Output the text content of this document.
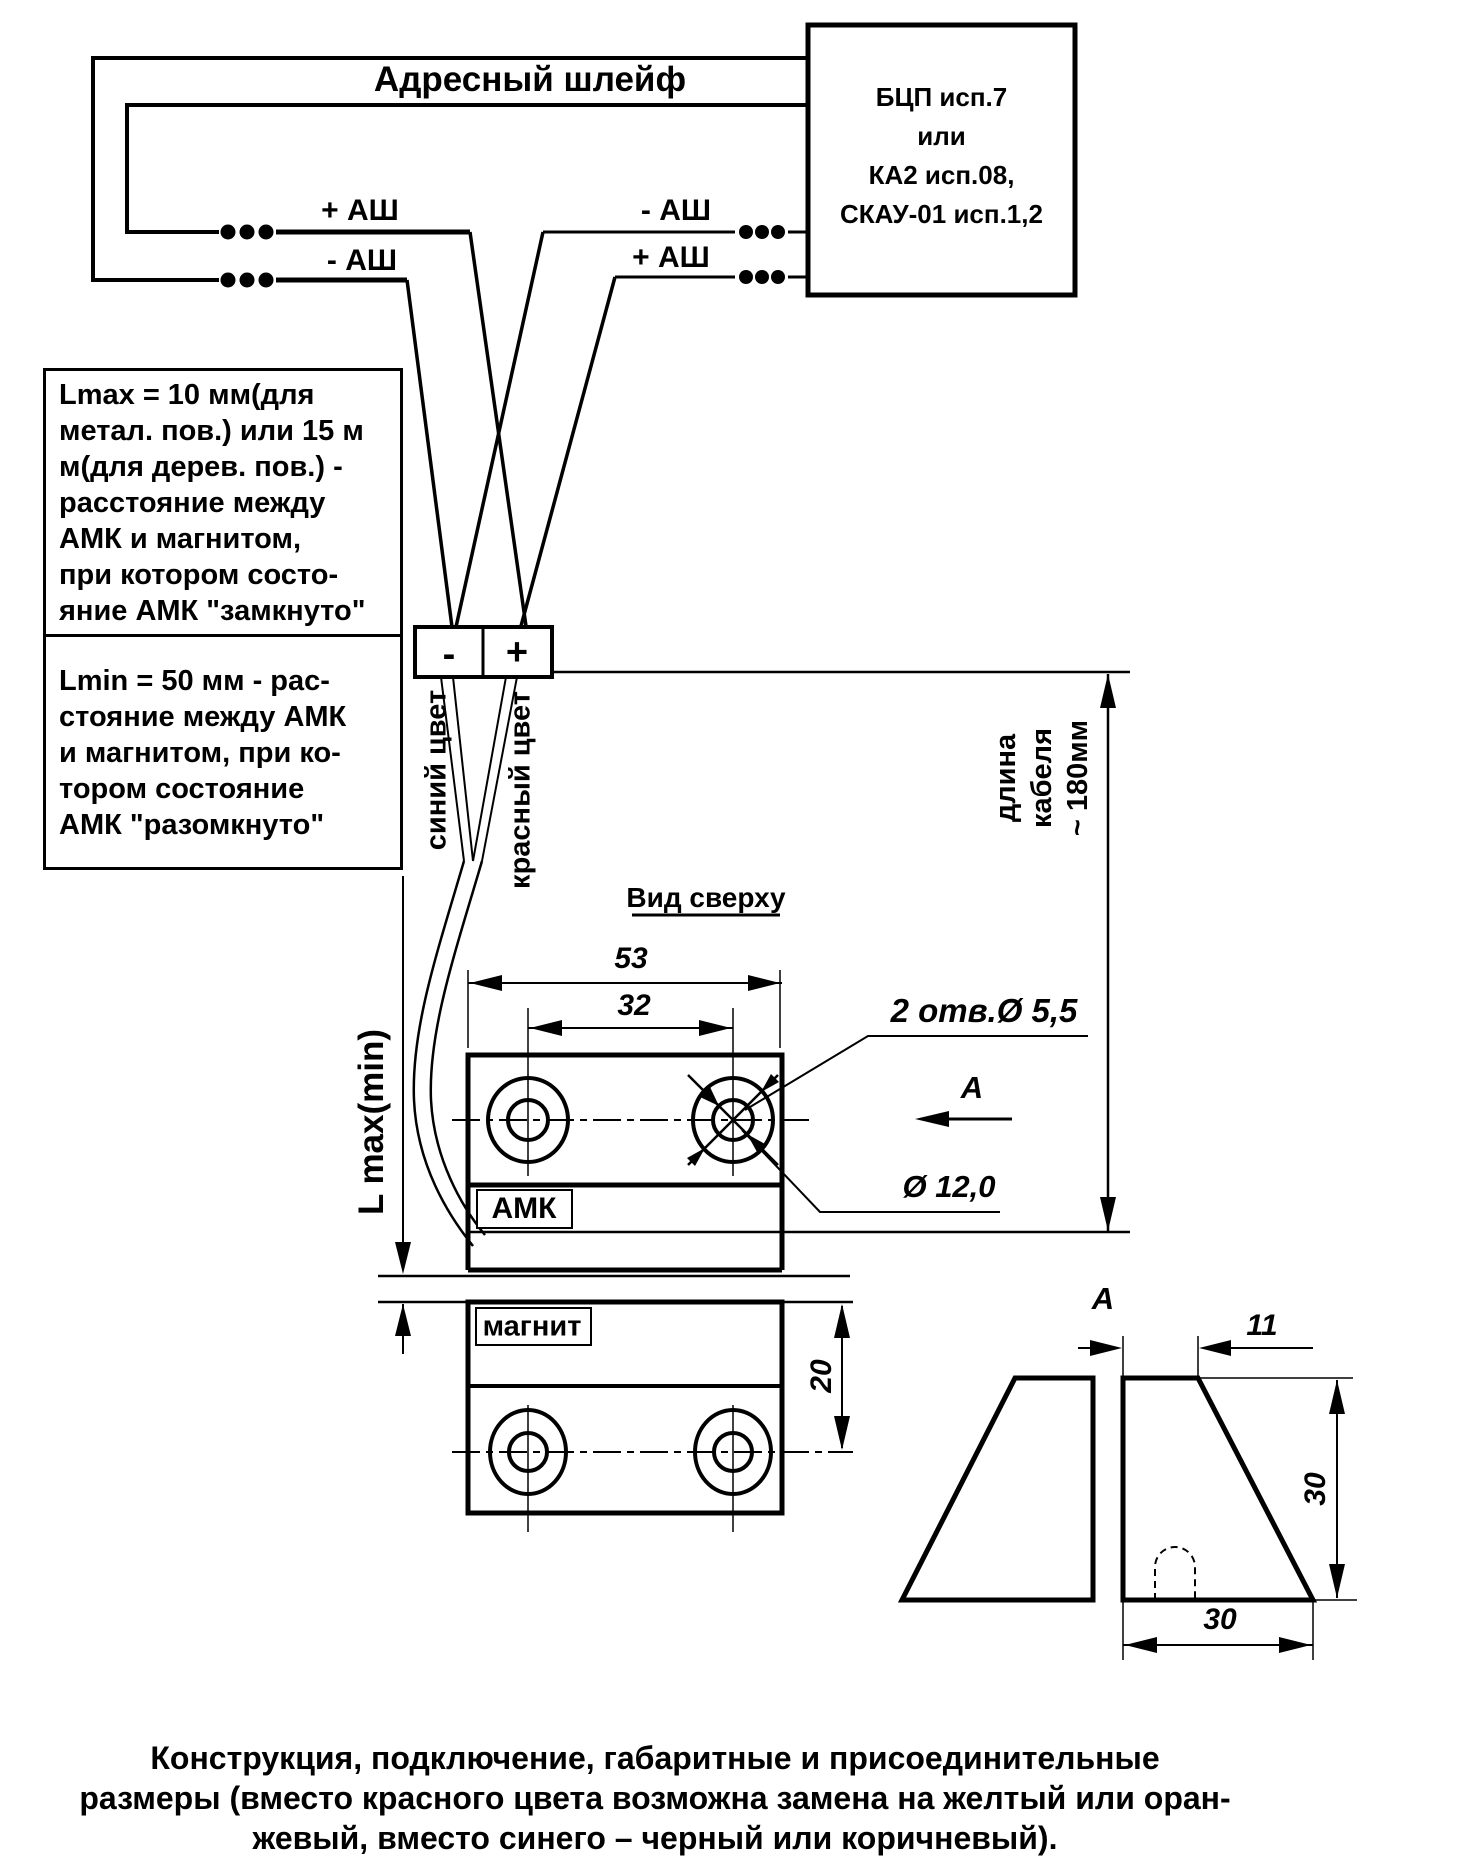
Адресный шлейф	БЦП исп.7
или
КА2 исп.08,
СКАУ-01 исп.1,2
+ АШ
- АШ
- АШ
+ АШ
- +
синий цвет красный цвет	длина кабеля ~ 180мм
Lmax = 10 мм(для
метал. пов.) или 15 м
м(для дерев. пов.) -
расстояние между
АМК и магнитом,
при котором состо-
яние АМК "замкнуто"
Lmin = 50 мм - рас-
стояние между АМК
и магнитом, при ко-
тором состояние
АМК "разомкнуто"
Вид сверху
53
32	2 отв.Ø 5,5
Ø 12,0
А
АМК
L max(min)
магнит
20
А
11
30
30
Конструкция, подключение, габаритные и присоединительные
размеры (вместо красного цвета возможна замена на желтый или оран-
жевый, вместо синего – черный или коричневый).
